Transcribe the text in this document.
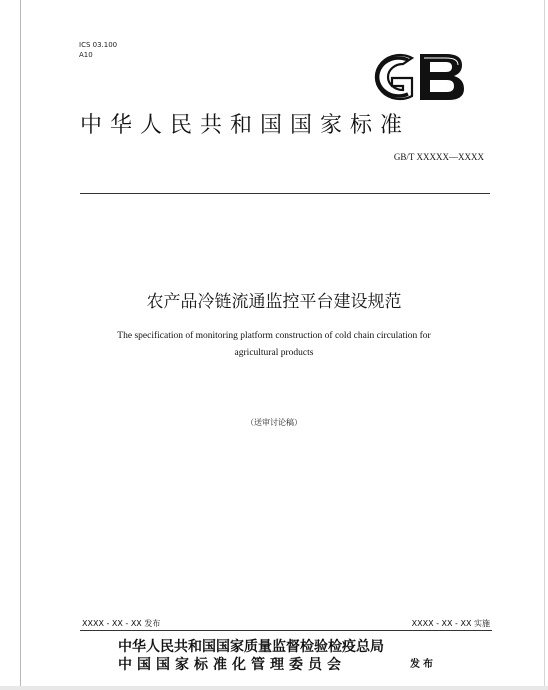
ICS 03.100
A10
中华人民共和国国家标准
GB/T XXXXX—XXXX
农产品冷链流通监控平台建设规范
The specification of monitoring platform construction of cold chain circulation for
agricultural products
（送审讨论稿）
XXXX - XX - XX 发布	XXXX - XX - XX 实施
中华人民共和国国家质量监督检验检疫总局
中国国家标准化管理委员会	发布
